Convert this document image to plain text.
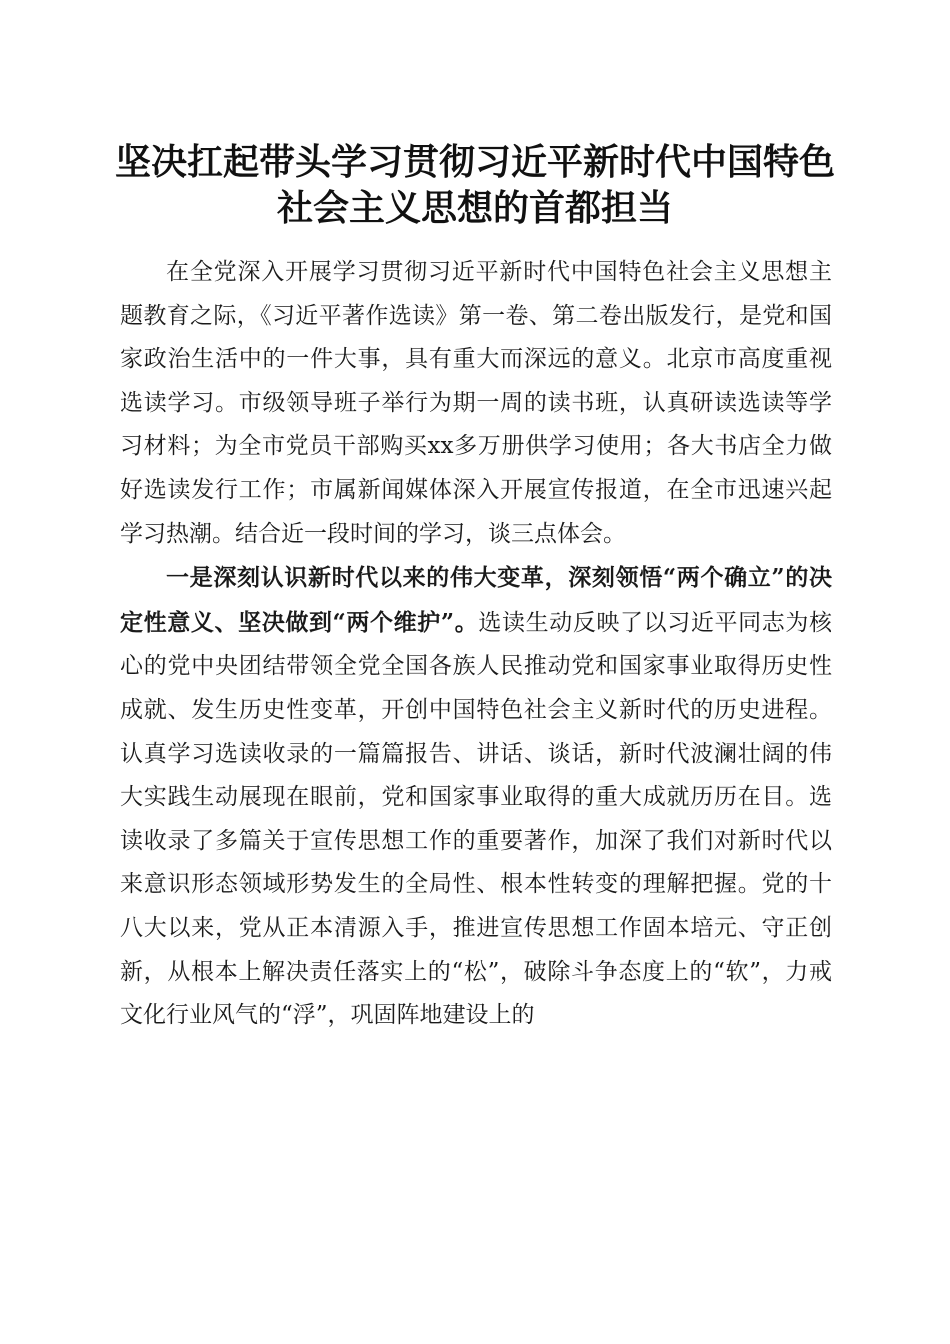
坚决扛起带头学习贯彻习近平新时代中国特色
社会主义思想的首都担当

在全党深入开展学习贯彻习近平新时代中国特色社会主义思想主题教育之际，《习近平著作选读》第一卷、第二卷出版发行，是党和国家政治生活中的一件大事，具有重大而深远的意义。北京市高度重视选读学习。市级领导班子举行为期一周的读书班，认真研读选读等学习材料；为全市党员干部购买xx多万册供学习使用；各大书店全力做好选读发行工作；市属新闻媒体深入开展宣传报道，在全市迅速兴起学习热潮。结合近一段时间的学习，谈三点体会。

一是深刻认识新时代以来的伟大变革，深刻领悟“两个确立”的决定性意义、坚决做到“两个维护”。选读生动反映了以习近平同志为核心的党中央团结带领全党全国各族人民推动党和国家事业取得历史性成就、发生历史性变革，开创中国特色社会主义新时代的历史进程。认真学习选读收录的一篇篇报告、讲话、谈话，新时代波澜壮阔的伟大实践生动展现在眼前，党和国家事业取得的重大成就历历在目。选读收录了多篇关于宣传思想工作的重要著作，加深了我们对新时代以来意识形态领域形势发生的全局性、根本性转变的理解把握。党的十八大以来，党从正本清源入手，推进宣传思想工作固本培元、守正创新，从根本上解决责任落实上的“松”，破除斗争态度上的“软”，力戒文化行业风气的“浮”，巩固阵地建设上的
